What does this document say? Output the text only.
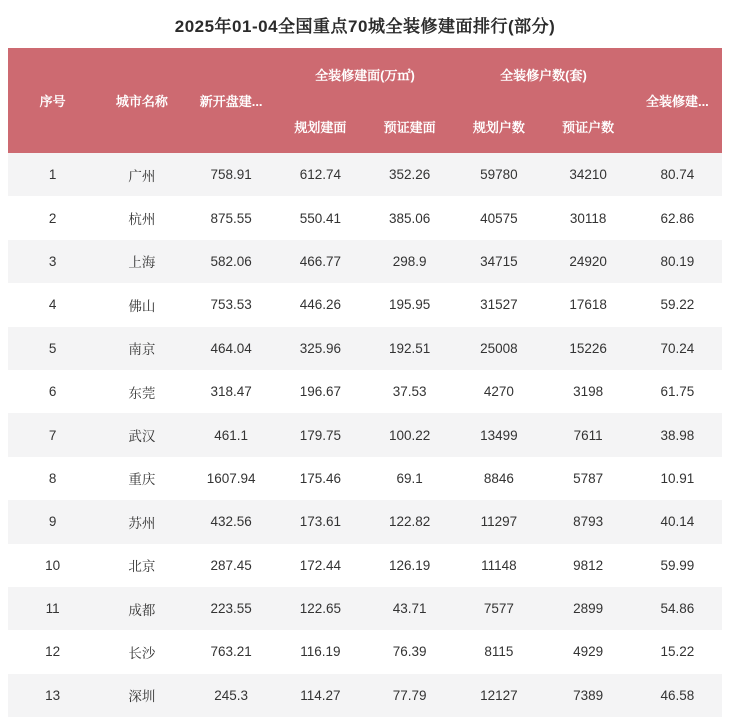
2025年01-04全国重点70城全装修建面排行(部分)
序号	城市名称	新开盘建...	全装修建面(万㎡)		全装修户数(套)		全装修建...
			规划建面	预证建面	规划户数	预证户数	
1	广州	758.91	612.74	352.26	59780	34210	80.74
2	杭州	875.55	550.41	385.06	40575	30118	62.86
3	上海	582.06	466.77	298.9	34715	24920	80.19
4	佛山	753.53	446.26	195.95	31527	17618	59.22
5	南京	464.04	325.96	192.51	25008	15226	70.24
6	东莞	318.47	196.67	37.53	4270	3198	61.75
7	武汉	461.1	179.75	100.22	13499	7611	38.98
8	重庆	1607.94	175.46	69.1	8846	5787	10.91
9	苏州	432.56	173.61	122.82	11297	8793	40.14
10	北京	287.45	172.44	126.19	11148	9812	59.99
11	成都	223.55	122.65	43.71	7577	2899	54.86
12	长沙	763.21	116.19	76.39	8115	4929	15.22
13	深圳	245.3	114.27	77.79	12127	7389	46.58
